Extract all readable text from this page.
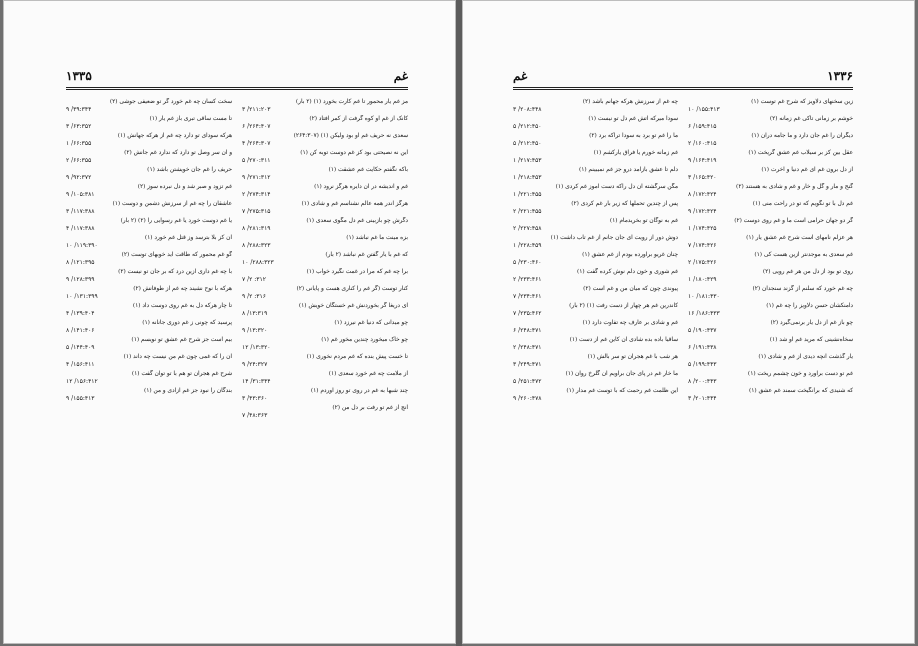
غم
۱۳۳۵
مز غم یار محمور تا غم کارت بخورد (۱) (۲ بار)
۳ /۲۱۱:۲۰۳
کانک از غم او کوه گرفت از کمر افتاد (۲)
۶ /۲۶۴:۴۰۷
سعدی نه حریف غم او بود ولیکن (۱) (۲۶۴:۳۰۷)
۴ /۲۶۴:۳۰۷
این نه نصیحتی بود کز غم دوست توبه کن (۱)
۵ /۲۷۰:۳۱۱
باکه نگفتم حکایت غم عشقت (۱)
۹ /۲۷۱:۳۱۲
غم و اندیشه در آن دایره هرگز نرود (۱)
۲ /۲۷۴:۳۱۴
هرگز اندر همه عالم نشناسم غم و شادی (۱)
۷ /۲۷۵:۳۱۵
دگرش چو بازبینی غم دل مگوی سعدی (۱)
۸ /۲۸۱:۳۱۹
بزه مینت ما غم نباشد (۱)
۸ /۲۸۸:۳۲۳
که غم با یار گفتن غم نباشد (۲ بار)
۱۰ /۲۸۸:۳۲۳
برا چه غم که مرا در غمت نگیرد خواب (۱)
۷ /۲ :۳۱۲
کنار توست (گر غم را کناری هست و پایانی (۲)
۹ /۲ :۳۱۶
ای دریغا گر بخوردنش غم خستگان خویش (۱)
۸ /۱۳:۳۱۹
چو میدانی که دنیا غم نیرزد (۱)
۹ /۱۳:۳۲۰
چو خاک میخورد چندین مخور غم (۱)
۱۲ /۱۳:۳۲۰
تا خست پیش بنده که غم مردم نخوری (۱)
۹ /۲۴:۳۲۷
از ملامت چه غم خورد سعدی (۱)
۱۴ /۳۱:۳۴۴
چند شبها به غم در روی تو روز آوردم (۱)
۳ /۴۳:۳۶۰
آنچ از غم تو رفت بر دل من (۲)
۷ /۴۸:۳۶۳
سخت کسان چه غم خورد گر تو ضعیفی جوشی (۲)
۹ /۳۹:۳۴۴
تا مست ساقی تبری باز غم یار (۱)
۳ /۶۳:۳۵۲
هرکه سودای تو دارد چه غم از هرکه جهانش (۱)
۱ /۶۶:۳۵۵
و آن سر وصل تو دارد که ندارد غم جانش (۲)
۲ /۶۶:۳۵۵
حریف را غم جان خویشتن باشد (۱)
۹ /۹۲:۳۷۲
غم تزود و صبر شد و دل نبرده سوز (۲)
۹ /۱۰۵:۳۸۱
عاشقان را چه غم از سرزنش دشمن و دوست (۱)
۳ /۱۱۷:۳۸۸
یا غم دوست خورد یا غم رسوایی را (۲) (۲ بار)
۴ /۱۱۷:۳۸۸
آن کز بلا بترسد وز قتل غم خورد (۱)
۱۰ /۱۱۹:۳۹۰
گو غم محمور که طاقت آید خوبهای توست (۲)
۸ /۱۲۱:۳۹۵
با چه غم داری ازین درد که بر جان تو نیست (۲)
۹ /۱۲۸:۳۹۹
هرکه با نوح نشیند چه غم از طوفانش (۲)
۱۰ /۱۳۱:۳۹۹
تا چار هرکه دل به غم روی دوست داد (۱)
۴ /۱۳۹:۴۰۴
پرسید که چونی ز غم دوری جانانه (۱)
۸ /۱۴۱:۴۰۶
بیم است جز شرح غم عشق تو نویسم (۱)
۵ /۱۴۴:۴۰۹
آن را که غمی چون غم من نیست چه داند (۱)
۴ /۱۵۶:۴۱۱
شرح غم هجران تو هم با تو توان گفت (۱)
۱۲ /۱۵۶:۴۱۲
بندگان را نبود جز غم آزادی و من (۱)
۹ /۱۵۵:۴۱۳
۱۳۳۶
غم
زین سخنهای دلاویز که شرح غم توست (۱)
۱۰ /۱۵۵:۴۱۳
خوشم بر زمانی تاکی غم زمانه (۲)
۶ /۱۵۹:۴۱۵
دیگران را غم جان دارد و ما جامه دران (۱)
۲ /۱۶۰:۴۱۵
عقل بین کز بر سیلاب غم عشق گریخت (۱)
۹ /۱۶۴:۴۱۹
از دل برون غم ای غم دنیا و آخرت (۱)
۳ /۱۶۵:۴۲۰
گنج و مار و گل و خار و غم و شادی به هستند (۲)
۸ /۱۷۲:۴۲۴
غم دل با تو نگویم که تو در راحت منی (۱)
۹ /۱۷۲:۴۲۴
گر دو جهان حرامی است ما و غم روی دوست (۲)
۱ /۱۷۴:۴۲۵
هر عزلم نامهای است شرح غم عشق یار (۱)
۷ /۱۷۴:۴۲۶
غم سعدی به موجدنتر ازین هست کی (۱)
۲ /۱۷۵:۴۲۶
روی تو بود از دل من هر غم رویی (۲)
۱ /۱۸۰:۴۲۹
چه غم خورد که سلنم از گزند سنجدان (۲)
۱۰ /۱۸۱:۴۳۰
دامنکشان حسن دلاویز را چه غم (۱)
۱۶ /۱۸۶:۴۳۳
چو باز غم از دل یار برنمی‌گیرد (۲)
۵ /۱۹۰:۴۳۷
سخاه‌نشینی که مرید غم او شد (۱)
۶ /۱۹۱:۴۳۸
یار گذشت آنچه دیدی از غم و شادی (۱)
۵ /۱۹۹:۴۴۳
غم تو دست برآورد و خون چشمم ریخت (۱)
۸ /۲۰۰:۴۴۳
که شنیدی که برانگیخت سمند غم عشق (۱)
۳ /۲۰۱:۴۴۴
چه غم از سرزنش هرکه جهانم باشد (۲)
۳ /۲۰۸:۴۴۸
سودا میرکه آتش غم دل تو نیست (۱)
۵ /۲۱۲:۴۵۰
ما را غم تو برد به سودا تراکه برد (۲)
۵ /۲۱۲:۴۵۰
غم زمانه خورم یا فراق یارکشم (۱)
۱ /۲۱۷:۴۵۳
دلم تا عشق بازآمد درو جز غم نمیبینم (۱)
۱ /۲۱۸:۴۵۳
مگن سرگشته آن دل راکه دست آموز غم کردی (۱)
۱ /۲۲۱:۴۵۵
پس از چندین تحملها که زیر بار غم کردی (۲)
۲ /۲۲۱:۴۵۵
غم به نوگان تو بخریدمام (۱)
۲ /۲۲۷:۴۵۸
دوش دور از رویت ای جان جانم از غم تاب داشت (۱)
۱ /۲۲۸:۴۵۹
چنان غریو برآورده بودم از غم عشق (۱)
۵ /۲۳۰:۴۶۰
غم شوری و خون دلم نوش کرده گفت (۱)
۲ /۲۳۳:۴۶۱
پیوندی چون که میان من و غم است (۲)
۷ /۲۳۴:۴۶۱
کاندرین غم هر چهار از دست رفت (۱) (۲ بار)
۷ /۲۳۵:۴۶۲
غم و شادی بر عارف چه تفاوت دارد (۱)
۶ /۲۴۸:۴۷۱
ساقیا باده بده شادی آن کاین غم از دست (۱)
۲ /۲۴۸:۴۷۱
هر شب با غم هجران تو سر بالش (۱)
۳ /۲۴۹:۴۷۱
ما خار غم در پای جان برآویم ان گلرخ روان (۱)
۵ /۲۵۱:۴۷۲
این ظلمت غم رحمت که با توست غم مدار (۱)
۹ /۲۶۰:۴۷۸
